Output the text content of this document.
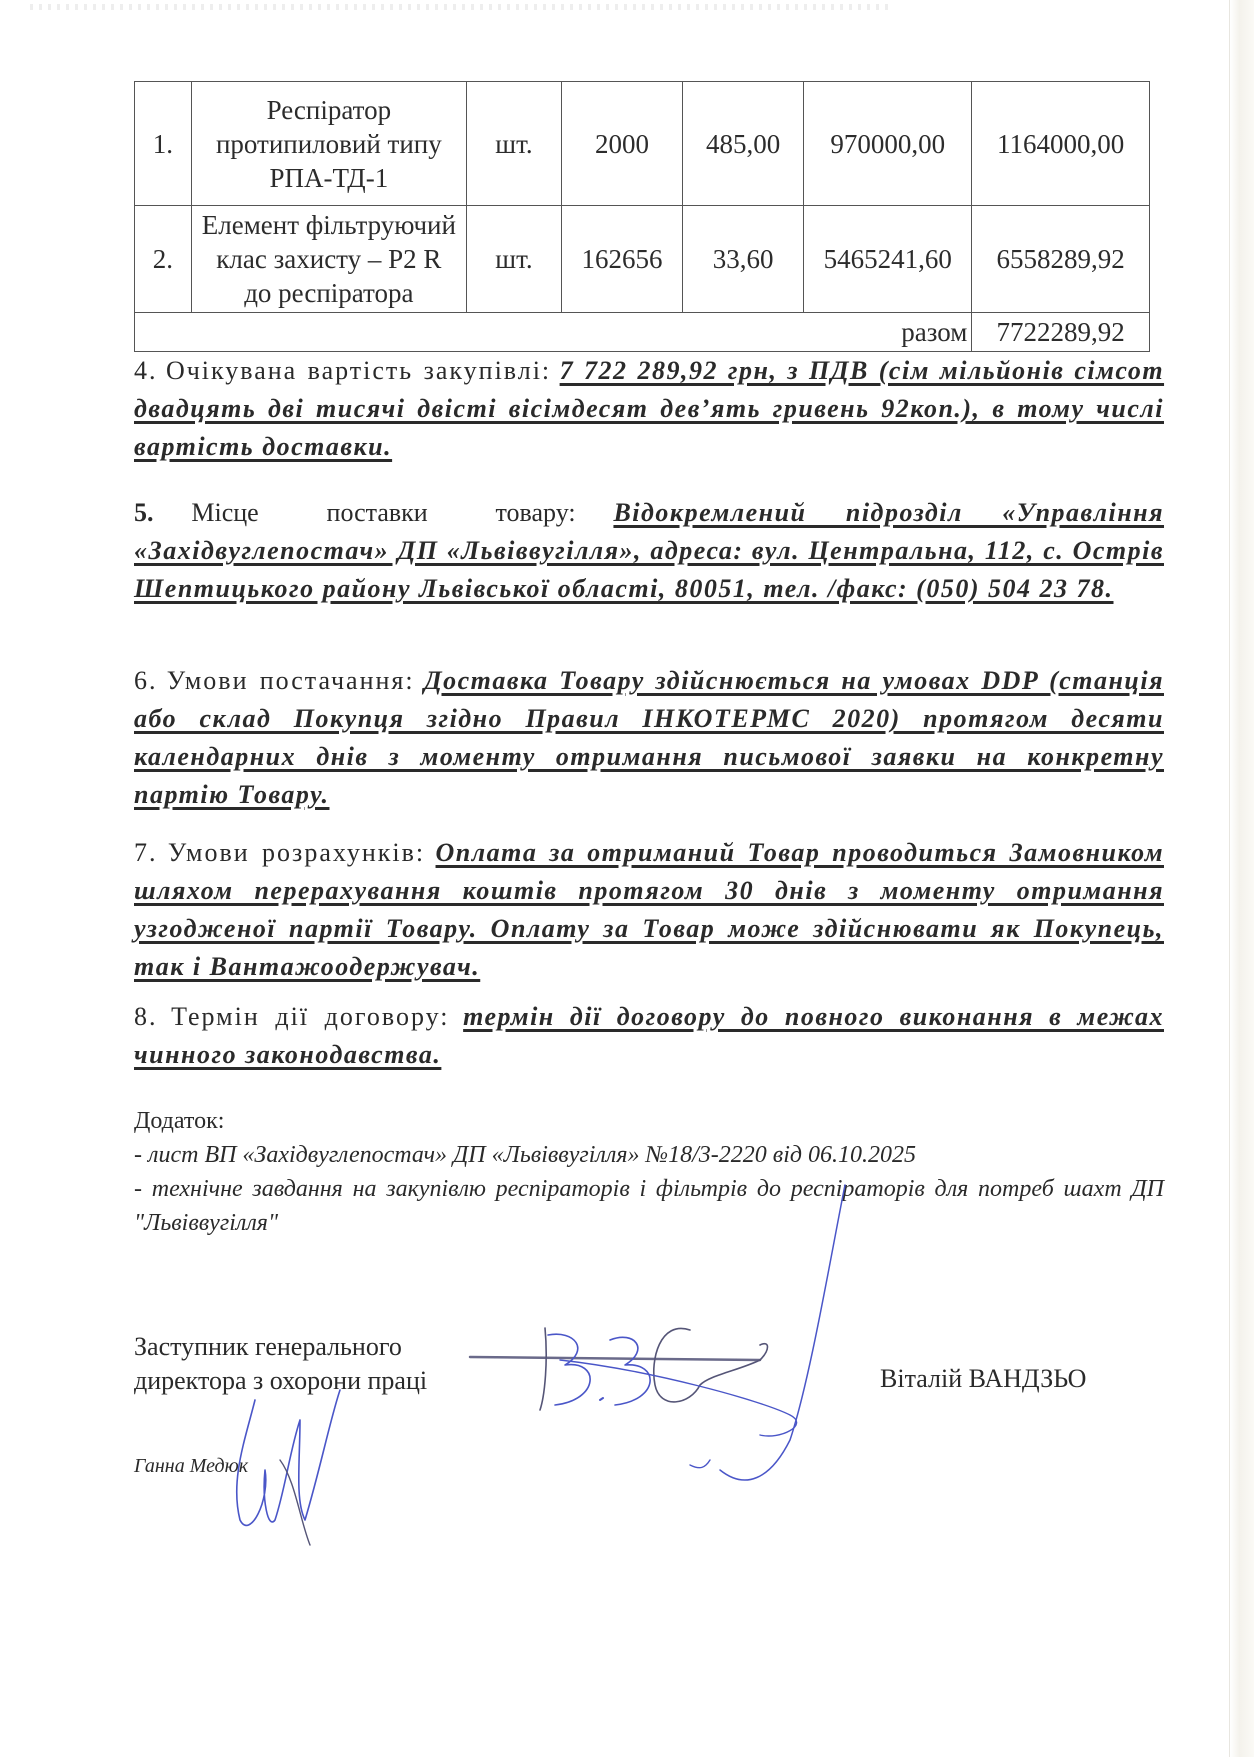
1.	Респіратор
протипиловий типу
РПА-ТД-1	шт.	2000	485,00	970000,00	1164000,00
2.	Елемент фільтруючий
клас захисту – Р2 R
до респіратора	шт.	162656	33,60	5465241,60	6558289,92
разом						7722289,92
4. Очікувана вартість закупівлі: 7 722 289,92 грн, з ПДВ (сім мільйонів сімсот двадцять дві тисячі двісті вісімдесят дев’ять гривень 92коп.), в тому числі вартість доставки.
5. Місце поставки товару: Відокремлений підрозділ «Управління «Західвуглепостач» ДП «Львіввугілля», адреса: вул. Центральна, 112, с. Острів Шептицького району Львівської області, 80051, тел. /факс: (050) 504 23 78.
6. Умови постачання: Доставка Товару здійснюється на умовах DDP (станція або склад Покупця згідно Правил ІНКОТЕРМС 2020) протягом десяти календарних днів з моменту отримання письмової заявки на конкретну партію Товару.
7. Умови розрахунків: Оплата за отриманий Товар проводиться Замовником шляхом перерахування коштів протягом 30 днів з моменту отримання узгодженої партії Товару. Оплату за Товар може здійснювати як Покупець, так і Вантажоодержувач.
8. Термін дії договору: термін дії договору до повного виконання в межах чинного законодавства.
Додаток:
- лист ВП «Західвуглепостач» ДП «Львіввугілля» №18/3-2220 від 06.10.2025
- технічне завдання на закупівлю респіраторів і фільтрів до респіраторів для потреб шахт ДП "Львіввугілля"
Заступник генерального
директора з охорони праці	Віталій ВАНДЗЬО
Ганна Медюк
